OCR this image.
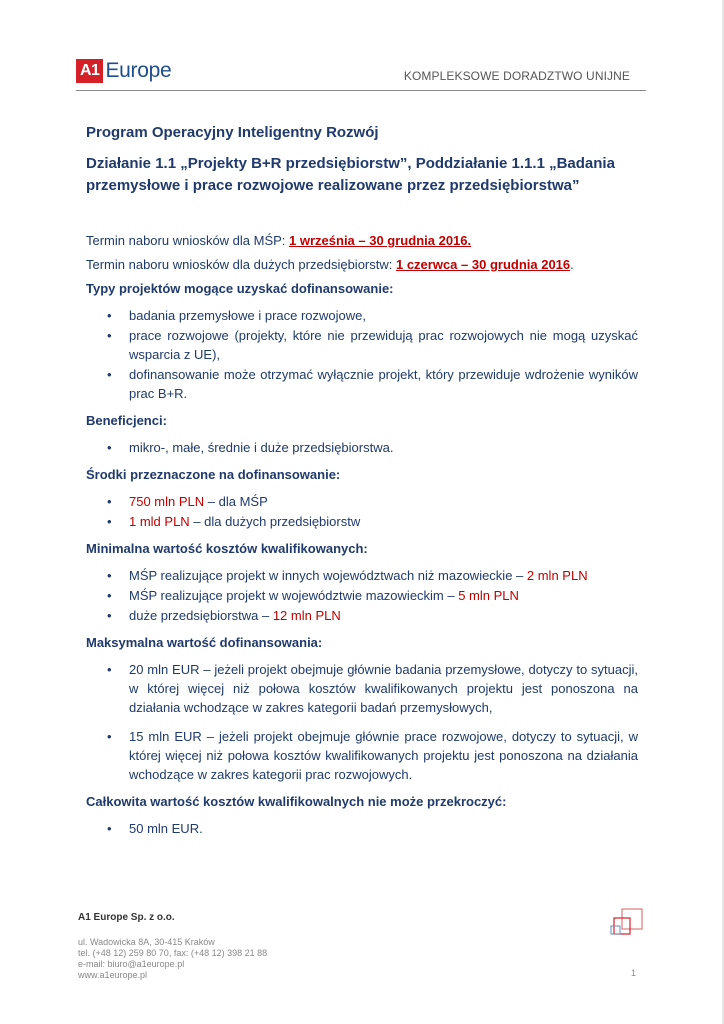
A1 Europe	KOMPLEKSOWE DORADZTWO UNIJNE
Program Operacyjny Inteligentny Rozwój
Działanie 1.1 „Projekty B+R przedsiębiorstw”, Poddziałanie 1.1.1 „Badania przemysłowe i prace rozwojowe realizowane przez przedsiębiorstwa”

Termin naboru wniosków dla MŚP: 1 września – 30 grudnia 2016.

Termin naboru wniosków dla dużych przedsiębiorstw: 1 czerwca – 30 grudnia 2016.

Typy projektów mogące uzyskać dofinansowanie:
• badania przemysłowe i prace rozwojowe,
• prace rozwojowe (projekty, które nie przewidują prac rozwojowych nie mogą uzyskać wsparcia z UE),
• dofinansowanie może otrzymać wyłącznie projekt, który przewiduje wdrożenie wyników prac B+R.
Beneficjenci:
• mikro-, małe, średnie i duże przedsiębiorstwa.
Środki przeznaczone na dofinansowanie:
• 750 mln PLN – dla MŚP
• 1 mld PLN – dla dużych przedsiębiorstw
Minimalna wartość kosztów kwalifikowanych:
• MŚP realizujące projekt w innych województwach niż mazowieckie – 2 mln PLN
• MŚP realizujące projekt w województwie mazowieckim – 5 mln PLN
• duże przedsiębiorstwa – 12 mln PLN
Maksymalna wartość dofinansowania:
• 20 mln EUR – jeżeli projekt obejmuje głównie badania przemysłowe, dotyczy to sytuacji, w której więcej niż połowa kosztów kwalifikowanych projektu jest ponoszona na działania wchodzące w zakres kategorii badań przemysłowych,
• 15 mln EUR – jeżeli projekt obejmuje głównie prace rozwojowe, dotyczy to sytuacji, w której więcej niż połowa kosztów kwalifikowanych projektu jest ponoszona na działania wchodzące w zakres kategorii prac rozwojowych.
Całkowita wartość kosztów kwalifikowalnych nie może przekroczyć:
• 50 mln EUR.
A1 Europe Sp. z o.o.
ul. Wadowicka 8A, 30-415 Kraków
tel. (+48 12) 259 80 70, fax: (+48 12) 398 21 88
e-mail: biuro@a1europe.pl
www.a1europe.pl	1
